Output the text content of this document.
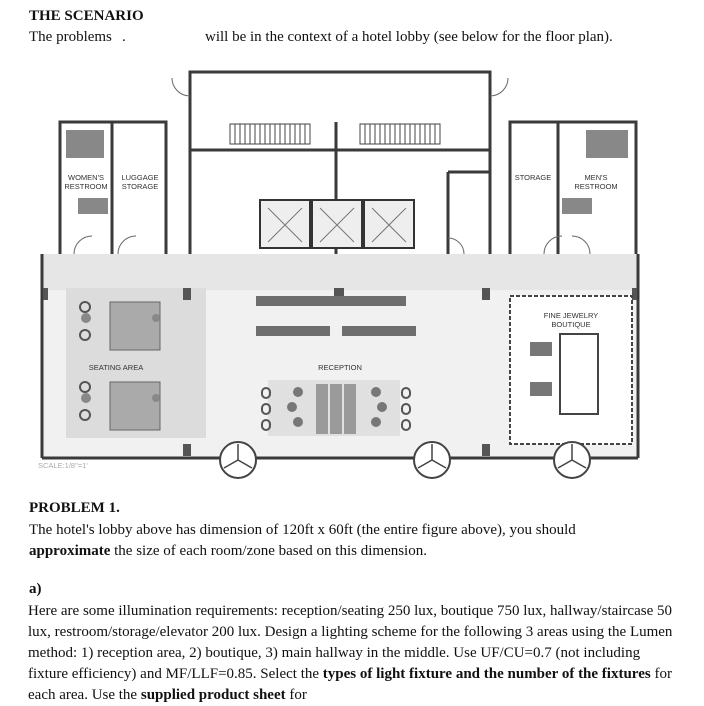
THE SCENARIO
The problems .	will be in the context of a hotel lobby (see below for the floor plan).
WOMEN'S
RESTROOM
LUGGAGE
STORAGE
STORAGE	MEN'S
RESTROOM
FINE JEWELRY
BOUTIQUE
SEATING AREA	RECEPTION
SCALE:1/8"=1'
PROBLEM 1.
The hotel's lobby above has dimension of 120ft x 60ft (the entire figure above), you should
approximate the size of each room/zone based on this dimension.
a)

Here are some illumination requirements: reception/seating 250 lux, boutique 750 lux, hallway/staircase 50 lux, restroom/storage/elevator 200 lux. Design a lighting scheme for the following 3 areas using the Lumen method: 1) reception area, 2) boutique, 3) main hallway in the middle. Use UF/CU=0.7 (not including fixture efficiency) and MF/LLF=0.85. Select the types of light fixture and the number of the fixtures for each area. Use the supplied product sheet for
